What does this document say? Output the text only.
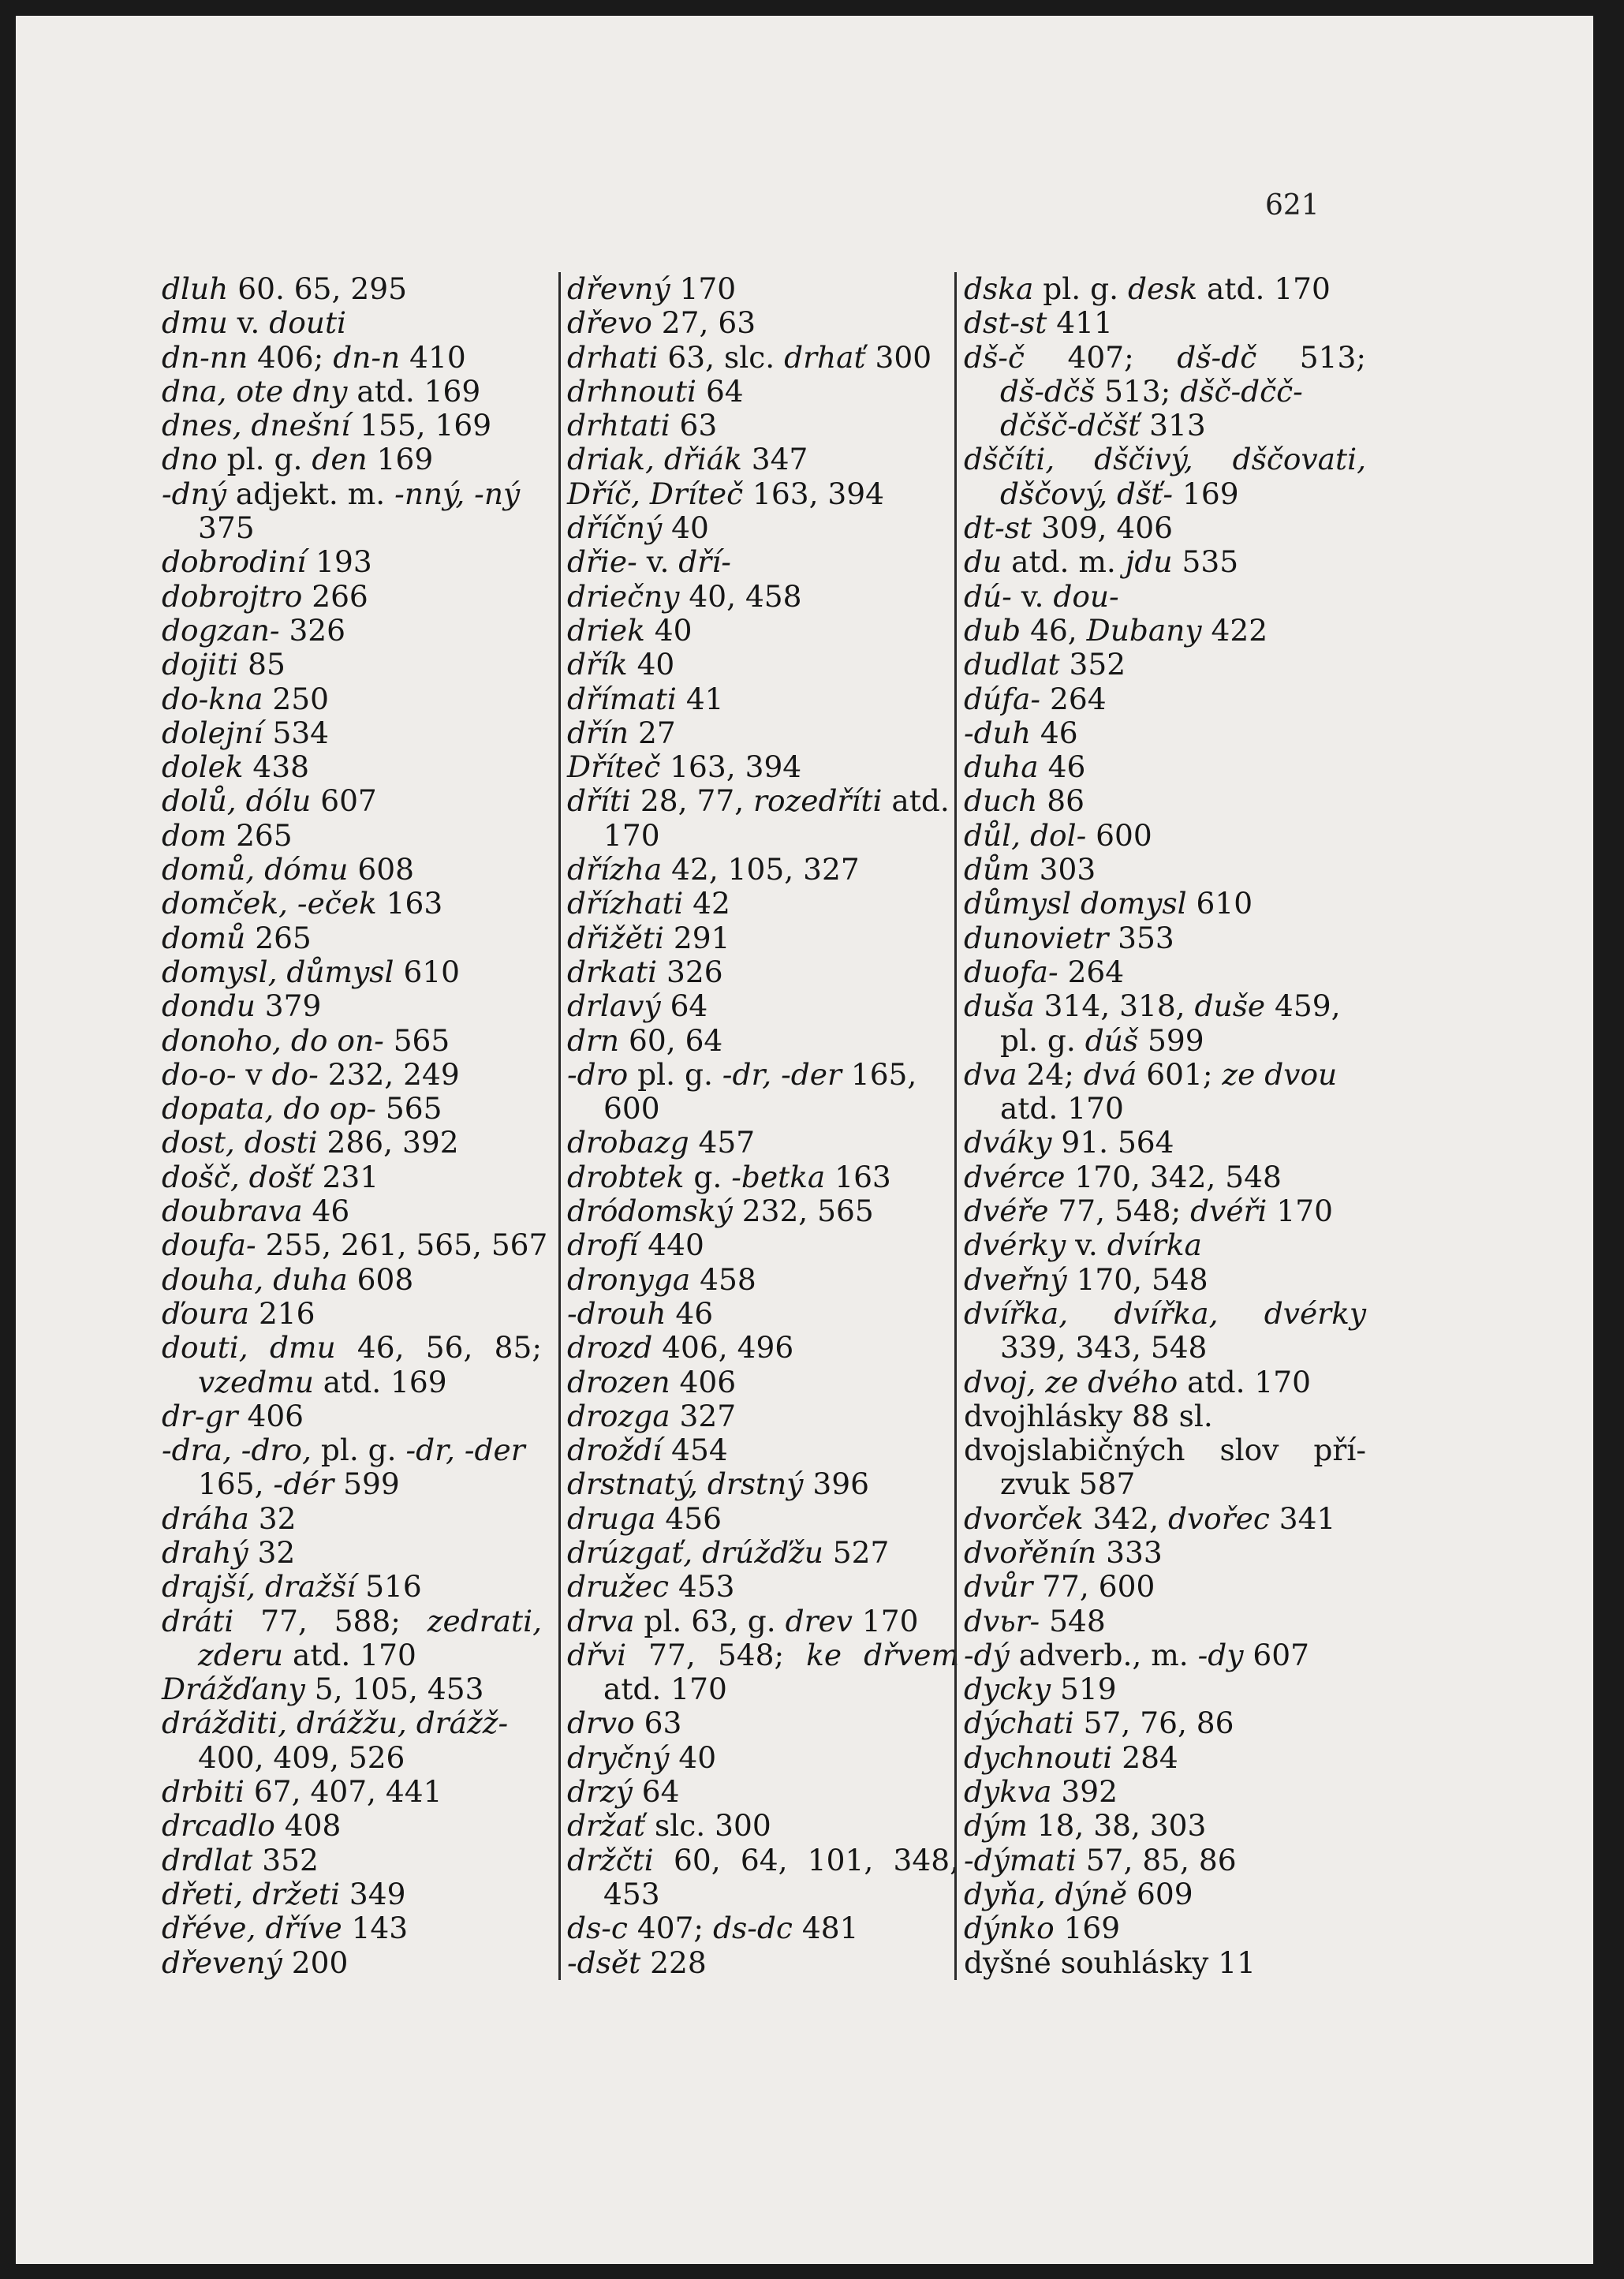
621
dluh 60. 65, 295
dmu v. douti
dn-nn 406; dn-n 410
dna, ote dny atd. 169
dnes, dnešní 155, 169
dno pl. g. den 169
-dný adjekt. m. -nný, -ný
375
dobrodiní 193
dobrojtro 266
dogzan- 326
dojiti 85
do-kna 250
dolejní 534
dolek 438
dolů, dólu 607
dom 265
domů, dómu 608
domček, -eček 163
domů 265
domysl, důmysl 610
dondu 379
donoho, do on- 565
do-o- v do- 232, 249
dopata, do op- 565
dost, dosti 286, 392
došč, došť 231
doubrava 46
doufa- 255, 261, 565, 567
douha, duha 608
ďoura 216
douti, dmu 46, 56, 85;
vzedmu atd. 169
dr-gr 406
-dra, -dro, pl. g. -dr, -der
165, -dér 599
dráha 32
drahý 32
drajší, dražší 516
dráti 77, 588; zedrati,
zderu atd. 170
Drážďany 5, 105, 453
drážditi, drážžu, drážž-
400, 409, 526
drbiti 67, 407, 441
drcadlo 408
drdlat 352
dřeti, držeti 349
dřéve, dříve 143
dřevený 200
dřevný 170
dřevo 27, 63
drhati 63, slc. drhať 300
drhnouti 64
drhtati 63
driak, dřiák 347
Dříč, Dríteč 163, 394
dříčný 40
dřie- v. dří-
driečny 40, 458
driek 40
dřík 40
dřímati 41
dřín 27
Dříteč 163, 394
dříti 28, 77, rozedříti atd.
170
dřízha 42, 105, 327
dřízhati 42
dřižěti 291
drkati 326
drlavý 64
drn 60, 64
-dro pl. g. -dr, -der 165,
600
drobazg 457
drobtek g. -betka 163
dródomský 232, 565
drofí 440
dronyga 458
-drouh 46
drozd 406, 496
drozen 406
drozga 327
droždí 454
drstnatý, drstný 396
druga 456
drúzgať, drúžďžu 527
družec 453
drva pl. 63, g. drev 170
dřvi 77, 548; ke dřvem
atd. 170
drvo 63
dryčný 40
drzý 64
držať slc. 300
držčti 60, 64, 101, 348,
453
ds-c 407; ds-dc 481
-dsět 228
dska pl. g. desk atd. 170
dst-st 411
dš-č 407; dš-dč 513;
dš-dčš 513; dšč-dčč-
dčšč-dčšť 313
dščíti, dščivý, dščovati,
dščový, dšť- 169
dt-st 309, 406
du atd. m. jdu 535
dú- v. dou-
dub 46, Dubany 422
dudlat 352
dúfa- 264
-duh 46
duha 46
duch 86
důl, dol- 600
dům 303
důmysl domysl 610
dunovietr 353
duofa- 264
duša 314, 318, duše 459,
pl. g. dúš 599
dva 24; dvá 601; ze dvou
atd. 170
dváky 91. 564
dvérce 170, 342, 548
dvéře 77, 548; dvéři 170
dvérky v. dvírka
dveřný 170, 548
dvířka, dvířka, dvérky
339, 343, 548
dvoj, ze dvého atd. 170
dvojhlásky 88 sl.
dvojslabičných slov pří-
zvuk 587
dvorček 342, dvořec 341
dvořěnín 333
dvůr 77, 600
dvьr- 548
-dý adverb., m. -dy 607
dycky 519
dýchati 57, 76, 86
dychnouti 284
dykva 392
dým 18, 38, 303
-dýmati 57, 85, 86
dyňa, dýně 609
dýnko 169
dyšné souhlásky 11
